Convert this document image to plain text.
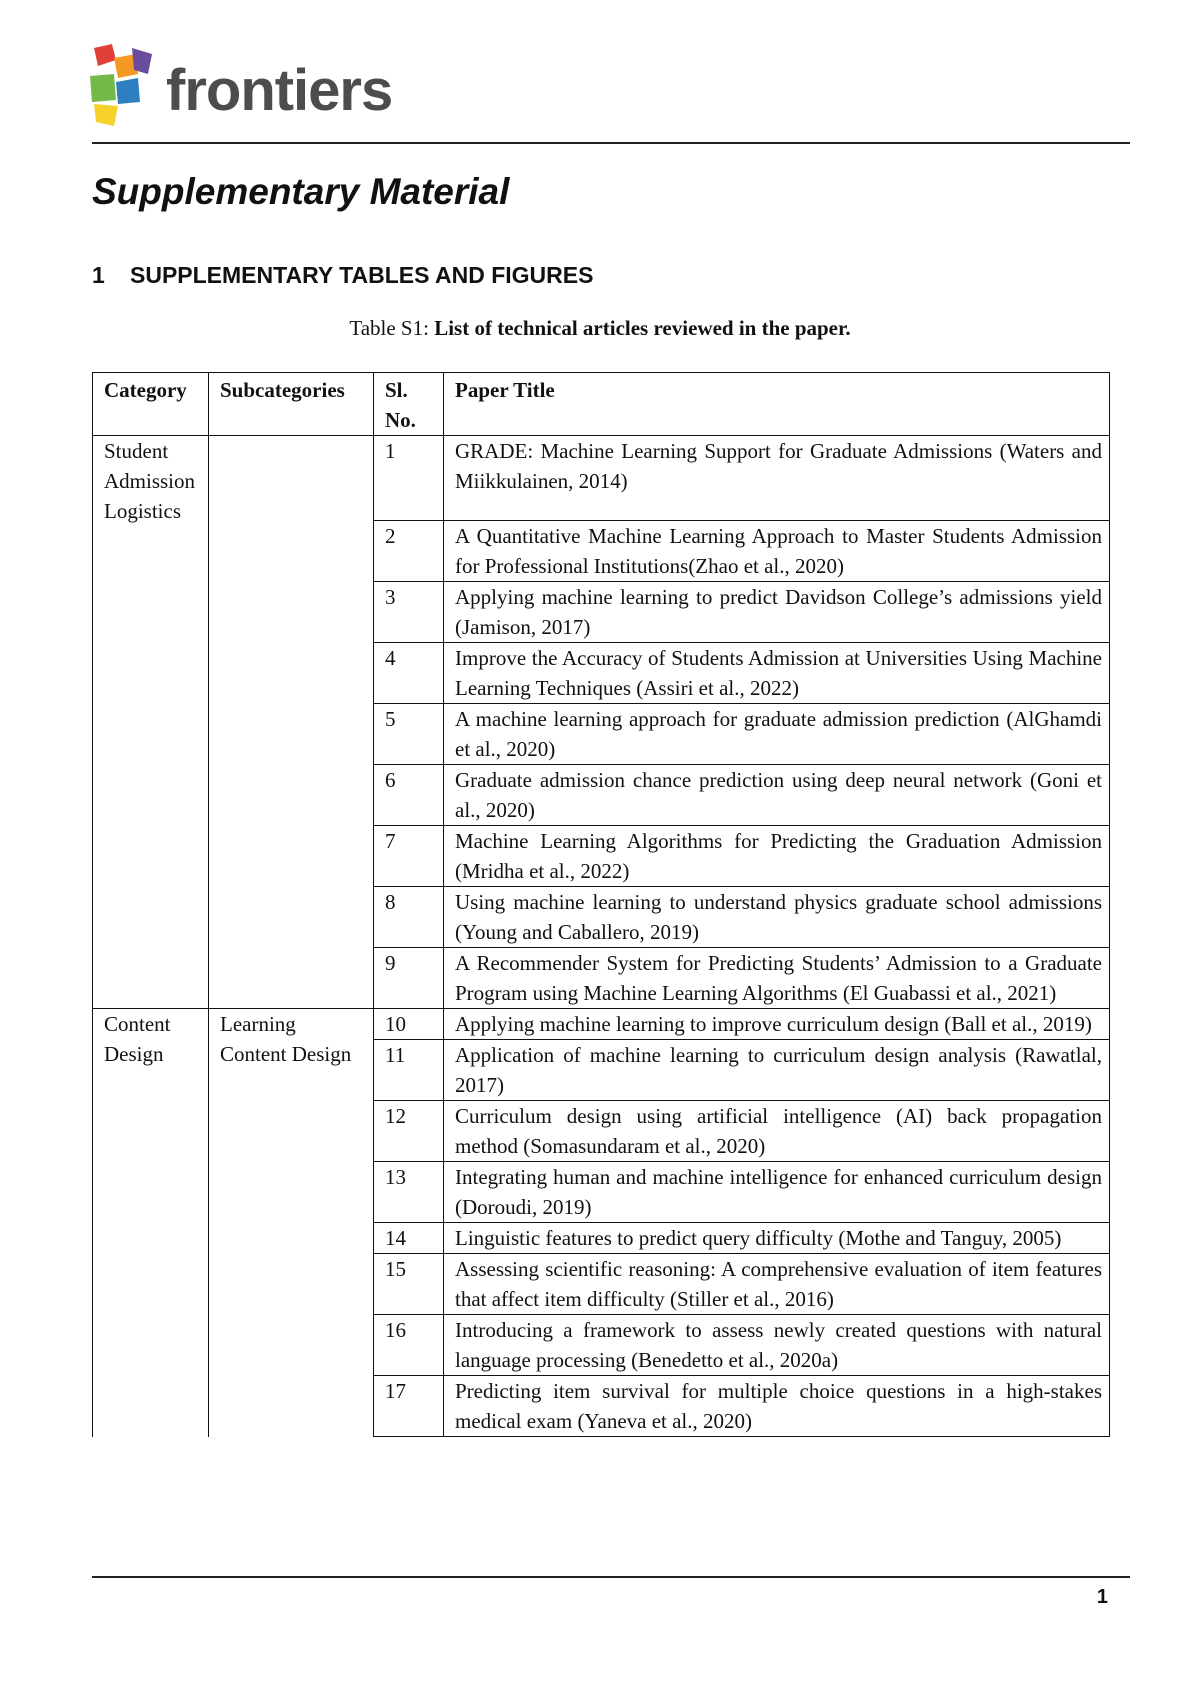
frontiers
Supplementary Material
1 SUPPLEMENTARY TABLES AND FIGURES
Table S1: List of technical articles reviewed in the paper.
Category	Subcategories	Sl. No.	Paper Title
Student Admission Logistics		1	GRADE: Machine Learning Support for Graduate Admissions (Waters and Miikkulainen, 2014)
		2	A Quantitative Machine Learning Approach to Master Students Admission for Professional Institutions(Zhao et al., 2020)
		3	Applying machine learning to predict Davidson College’s admissions yield (Jamison, 2017)
		4	Improve the Accuracy of Students Admission at Universities Using Machine Learning Techniques (Assiri et al., 2022)
		5	A machine learning approach for graduate admission prediction (AlGhamdi et al., 2020)
		6	Graduate admission chance prediction using deep neural network (Goni et al., 2020)
		7	Machine Learning Algorithms for Predicting the Graduation Admission (Mridha et al., 2022)
		8	Using machine learning to understand physics graduate school admissions (Young and Caballero, 2019)
		9	A Recommender System for Predicting Students’ Admission to a Graduate Program using Machine Learning Algorithms (El Guabassi et al., 2021)
Content Design	Learning Content Design	10	Applying machine learning to improve curriculum design (Ball et al., 2019)
		11	Application of machine learning to curriculum design analysis (Rawatlal, 2017)
		12	Curriculum design using artificial intelligence (AI) back propagation method (Somasundaram et al., 2020)
		13	Integrating human and machine intelligence for enhanced curriculum design (Doroudi, 2019)
		14	Linguistic features to predict query difficulty (Mothe and Tanguy, 2005)
		15	Assessing scientific reasoning: A comprehensive evaluation of item features that affect item difficulty (Stiller et al., 2016)
		16	Introducing a framework to assess newly created questions with natural language processing (Benedetto et al., 2020a)
		17	Predicting item survival for multiple choice questions in a high-stakes medical exam (Yaneva et al., 2020)
1
